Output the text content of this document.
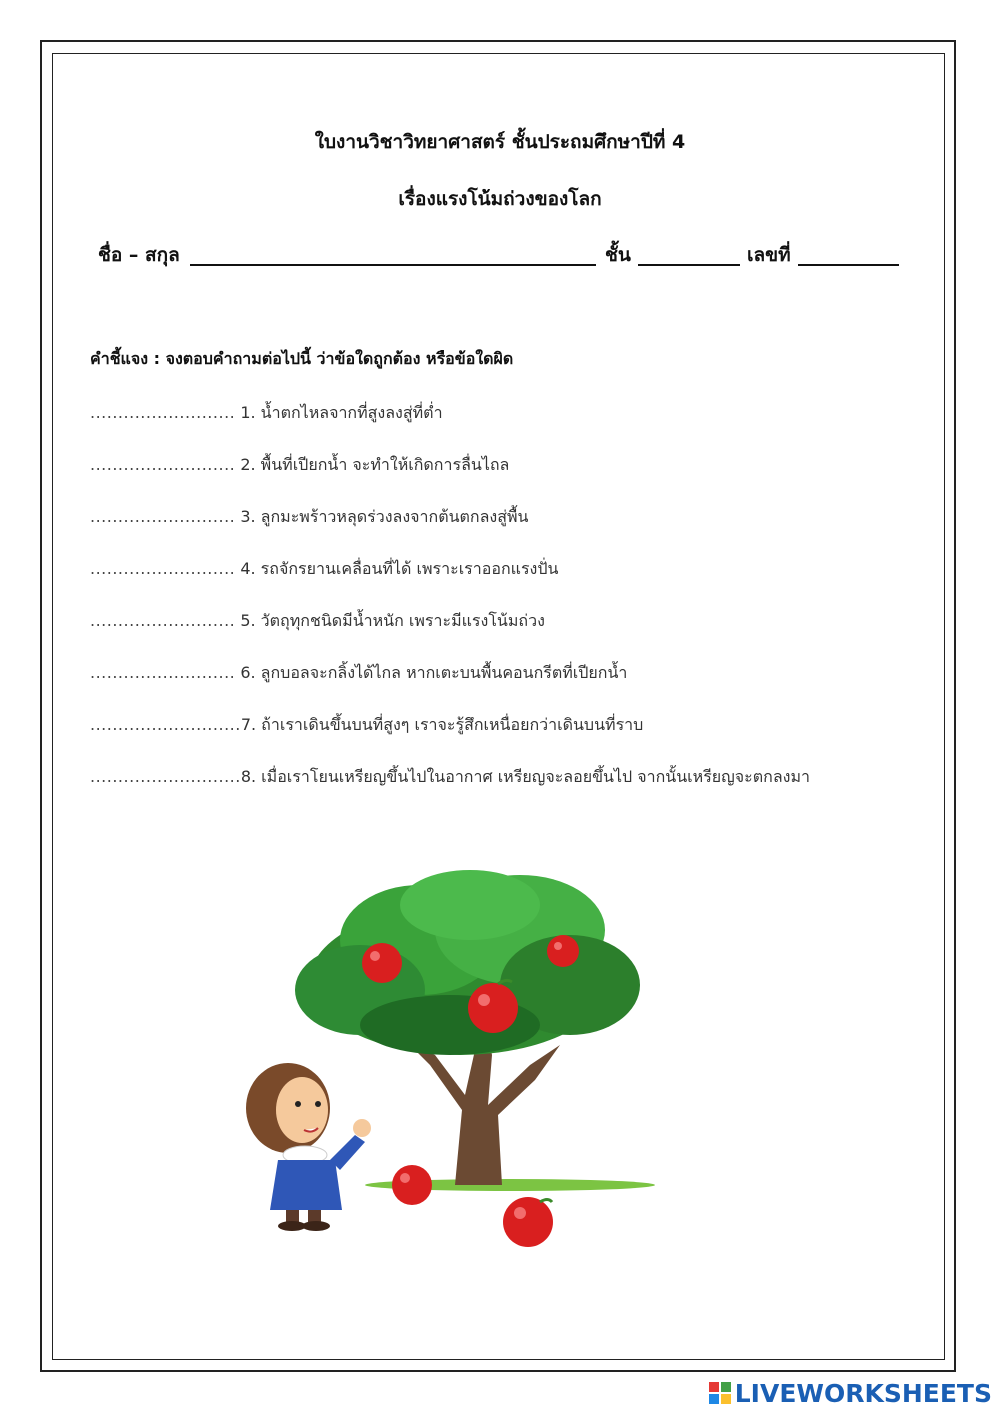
ใบงานวิชาวิทยาศาสตร์ ชั้นประถมศึกษาปีที่ 4
เรื่องแรงโน้มถ่วงของโลก
ชื่อ – สกุล	ชั้น	เลขที่
คำชี้แจง : จงตอบคำถามต่อไปนี้ ว่าข้อใดถูกต้อง หรือข้อใดผิด
.......................... 1. น้ำตกไหลจากที่สูงลงสู่ที่ต่ำ
.......................... 2. พื้นที่เปียกน้ำ จะทำให้เกิดการลื่นไถล
.......................... 3. ลูกมะพร้าวหลุดร่วงลงจากต้นตกลงสู่พื้น
.......................... 4. รถจักรยานเคลื่อนที่ได้ เพราะเราออกแรงปั่น
.......................... 5. วัตถุทุกชนิดมีน้ำหนัก เพราะมีแรงโน้มถ่วง
.......................... 6. ลูกบอลจะกลิ้งได้ไกล หากเตะบนพื้นคอนกรีตที่เปียกน้ำ
...........................7. ถ้าเราเดินขึ้นบนที่สูงๆ เราจะรู้สึกเหนื่อยกว่าเดินบนที่ราบ
...........................8. เมื่อเราโยนเหรียญขึ้นไปในอากาศ เหรียญจะลอยขึ้นไป จากนั้นเหรียญจะตกลงมา
LIVEWORKSHEETS
